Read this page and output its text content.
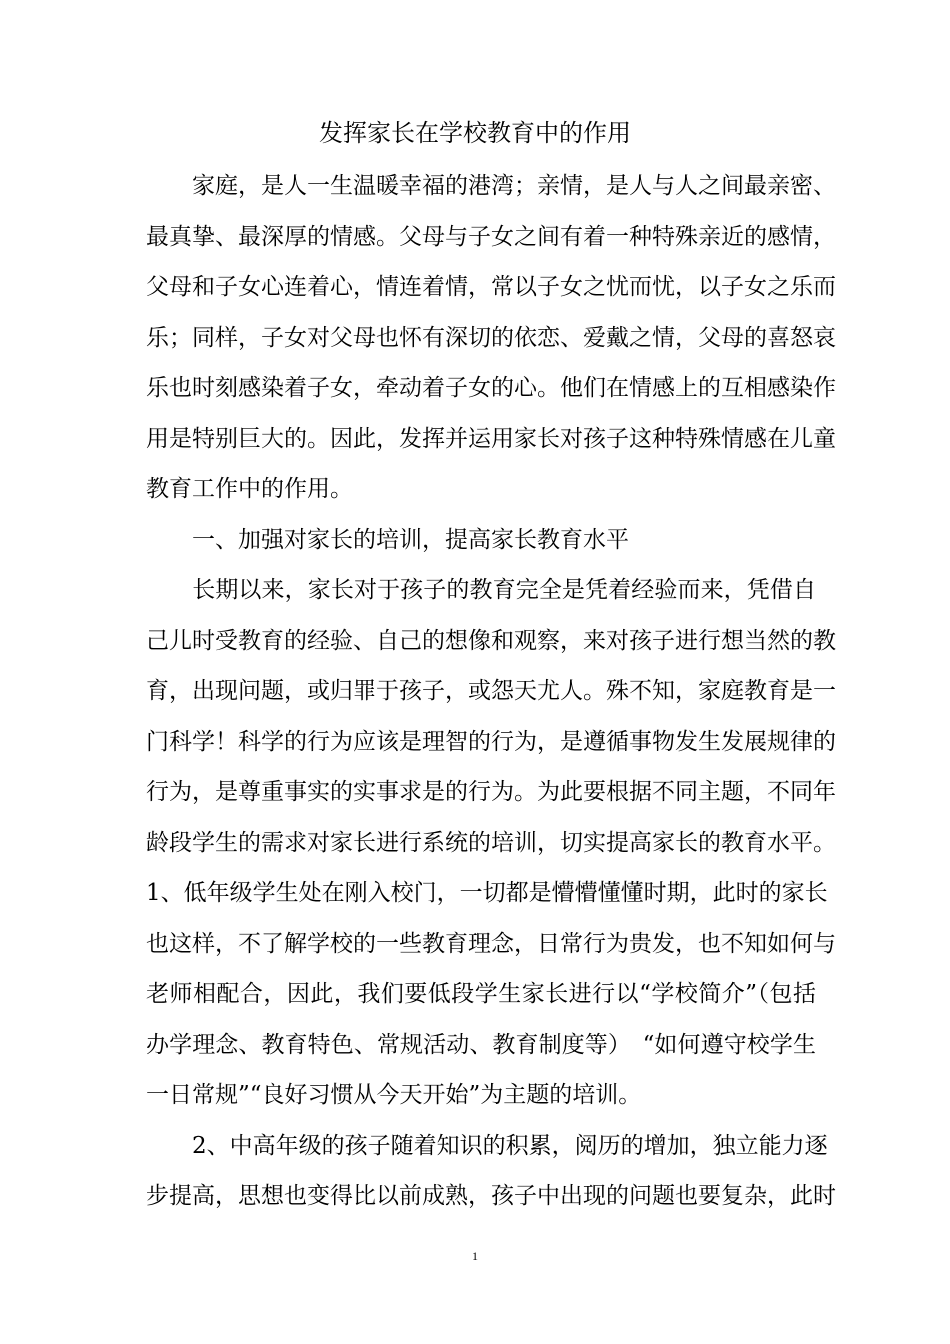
发挥家长在学校教育中的作用
　　家庭，是人一生温暖幸福的港湾；亲情，是人与人之间最亲密、
最真挚、最深厚的情感。父母与子女之间有着一种特殊亲近的感情，
父母和子女心连着心，情连着情，常以子女之忧而忧，以子女之乐而
乐；同样，子女对父母也怀有深切的依恋、爱戴之情，父母的喜怒哀
乐也时刻感染着子女，牵动着子女的心。他们在情感上的互相感染作
用是特别巨大的。因此，发挥并运用家长对孩子这种特殊情感在儿童
教育工作中的作用。
　　一、加强对家长的培训，提高家长教育水平
　　长期以来，家长对于孩子的教育完全是凭着经验而来，凭借自
己儿时受教育的经验、自己的想像和观察，来对孩子进行想当然的教
育，出现问题，或归罪于孩子，或怨天尤人。殊不知，家庭教育是一
门科学！科学的行为应该是理智的行为，是遵循事物发生发展规律的
行为，是尊重事实的实事求是的行为。为此要根据不同主题，不同年
龄段学生的需求对家长进行系统的培训，切实提高家长的教育水平。
1、低年级学生处在刚入校门，一切都是懵懵懂懂时期，此时的家长
也这样，不了解学校的一些教育理念，日常行为贵发，也不知如何与
老师相配合，因此，我们要低段学生家长进行以“学校简介”（包括
办学理念、教育特色、常规活动、教育制度等）　“如何遵守校学生
一日常规”“良好习惯从今天开始”为主题的培训。
　　2、中高年级的孩子随着知识的积累，阅历的增加，独立能力逐
步提高，思想也变得比以前成熟，孩子中出现的问题也要复杂，此时
1
